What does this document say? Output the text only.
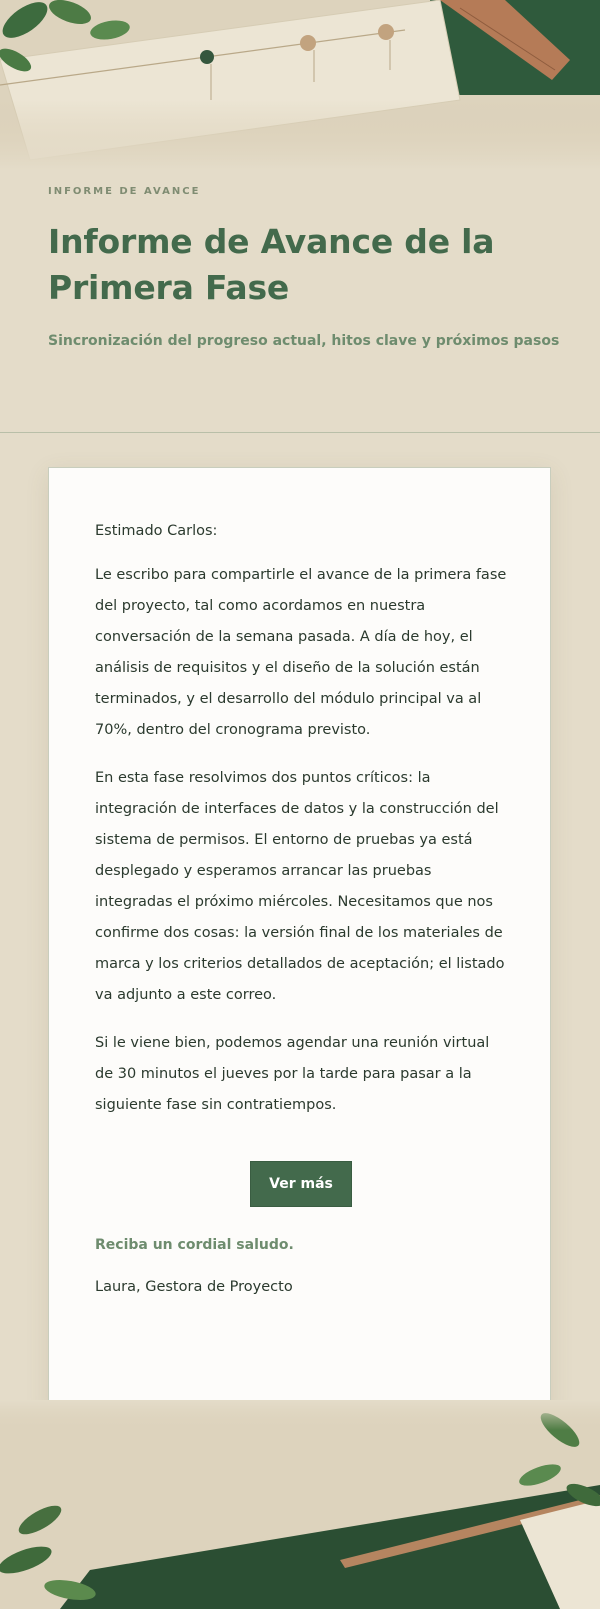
INFORME DE AVANCE

Informe de Avance de la Primera Fase

Sincronización del progreso actual, hitos clave y próximos pasos

Estimado Carlos:

Le escribo para compartirle el avance de la primera fase del proyecto, tal como acordamos en nuestra conversación de la semana pasada. A día de hoy, el análisis de requisitos y el diseño de la solución están terminados, y el desarrollo del módulo principal va al 70%, dentro del cronograma previsto.

En esta fase resolvimos dos puntos críticos: la integración de interfaces de datos y la construcción del sistema de permisos. El entorno de pruebas ya está desplegado y esperamos arrancar las pruebas integradas el próximo miércoles. Necesitamos que nos confirme dos cosas: la versión final de los materiales de marca y los criterios detallados de aceptación; el listado va adjunto a este correo.

Si le viene bien, podemos agendar una reunión virtual de 30 minutos el jueves por la tarde para pasar a la siguiente fase sin contratiempos.

Ver más

Reciba un cordial saludo.

Laura, Gestora de Proyecto
